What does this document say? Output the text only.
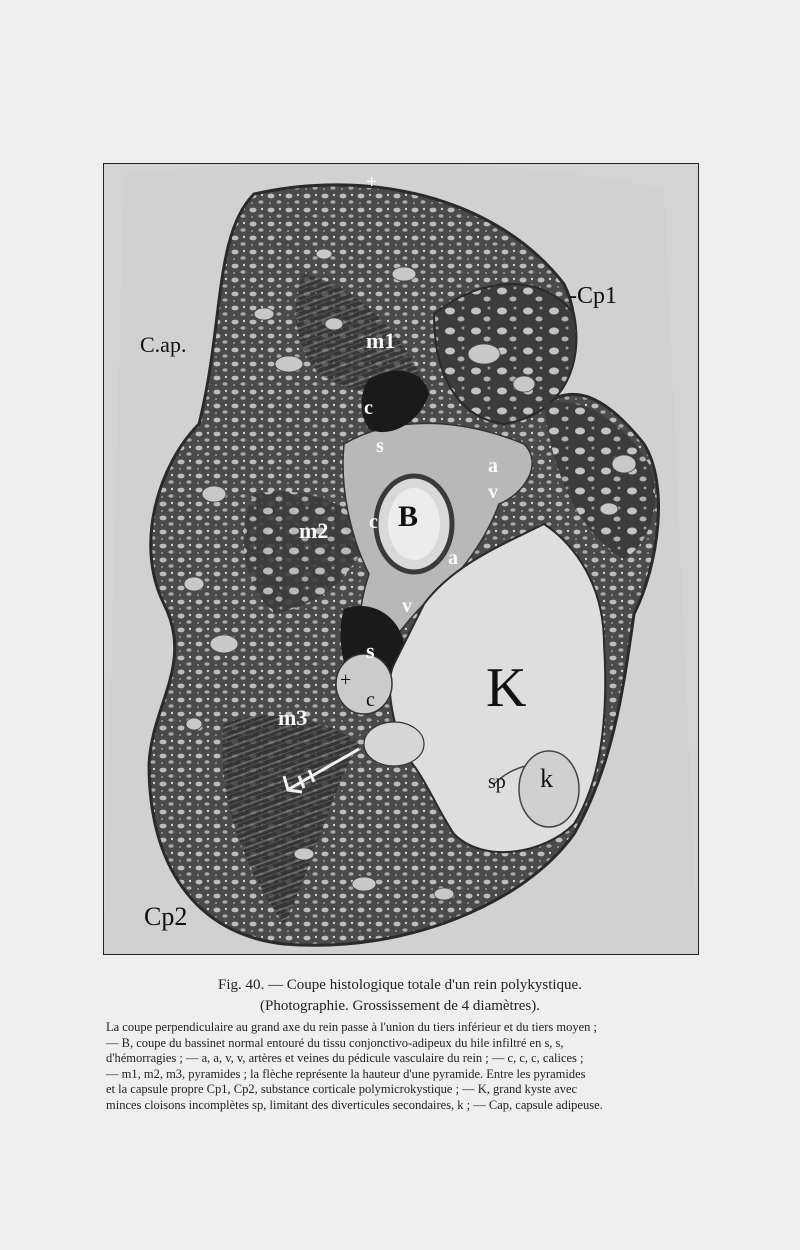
+
-Cp1
C.ap.	m1
c
s
a
v
m2 c B
a
v
s
+
c K
m3
sp k
Cp2
Fig. 40. — Coupe histologique totale d'un rein polykystique.
(Photographie. Grossissement de 4 diamètres).

La coupe perpendiculaire au grand axe du rein passe à l'union du tiers inférieur et du tiers moyen ;

— B, coupe du bassinet normal entouré du tissu conjonctivo-adipeux du hile infiltré en s, s,

d'hémorragies ; — a, a, v, v, artères et veines du pédicule vasculaire du rein ; — c, c, c, calices ;

— m1, m2, m3, pyramides ; la flèche représente la hauteur d'une pyramide. Entre les pyramides

et la capsule propre Cp1, Cp2, substance corticale polymicrokystique ; — K, grand kyste avec

minces cloisons incomplètes sp, limitant des diverticules secondaires, k ; — Cap, capsule adipeuse.
